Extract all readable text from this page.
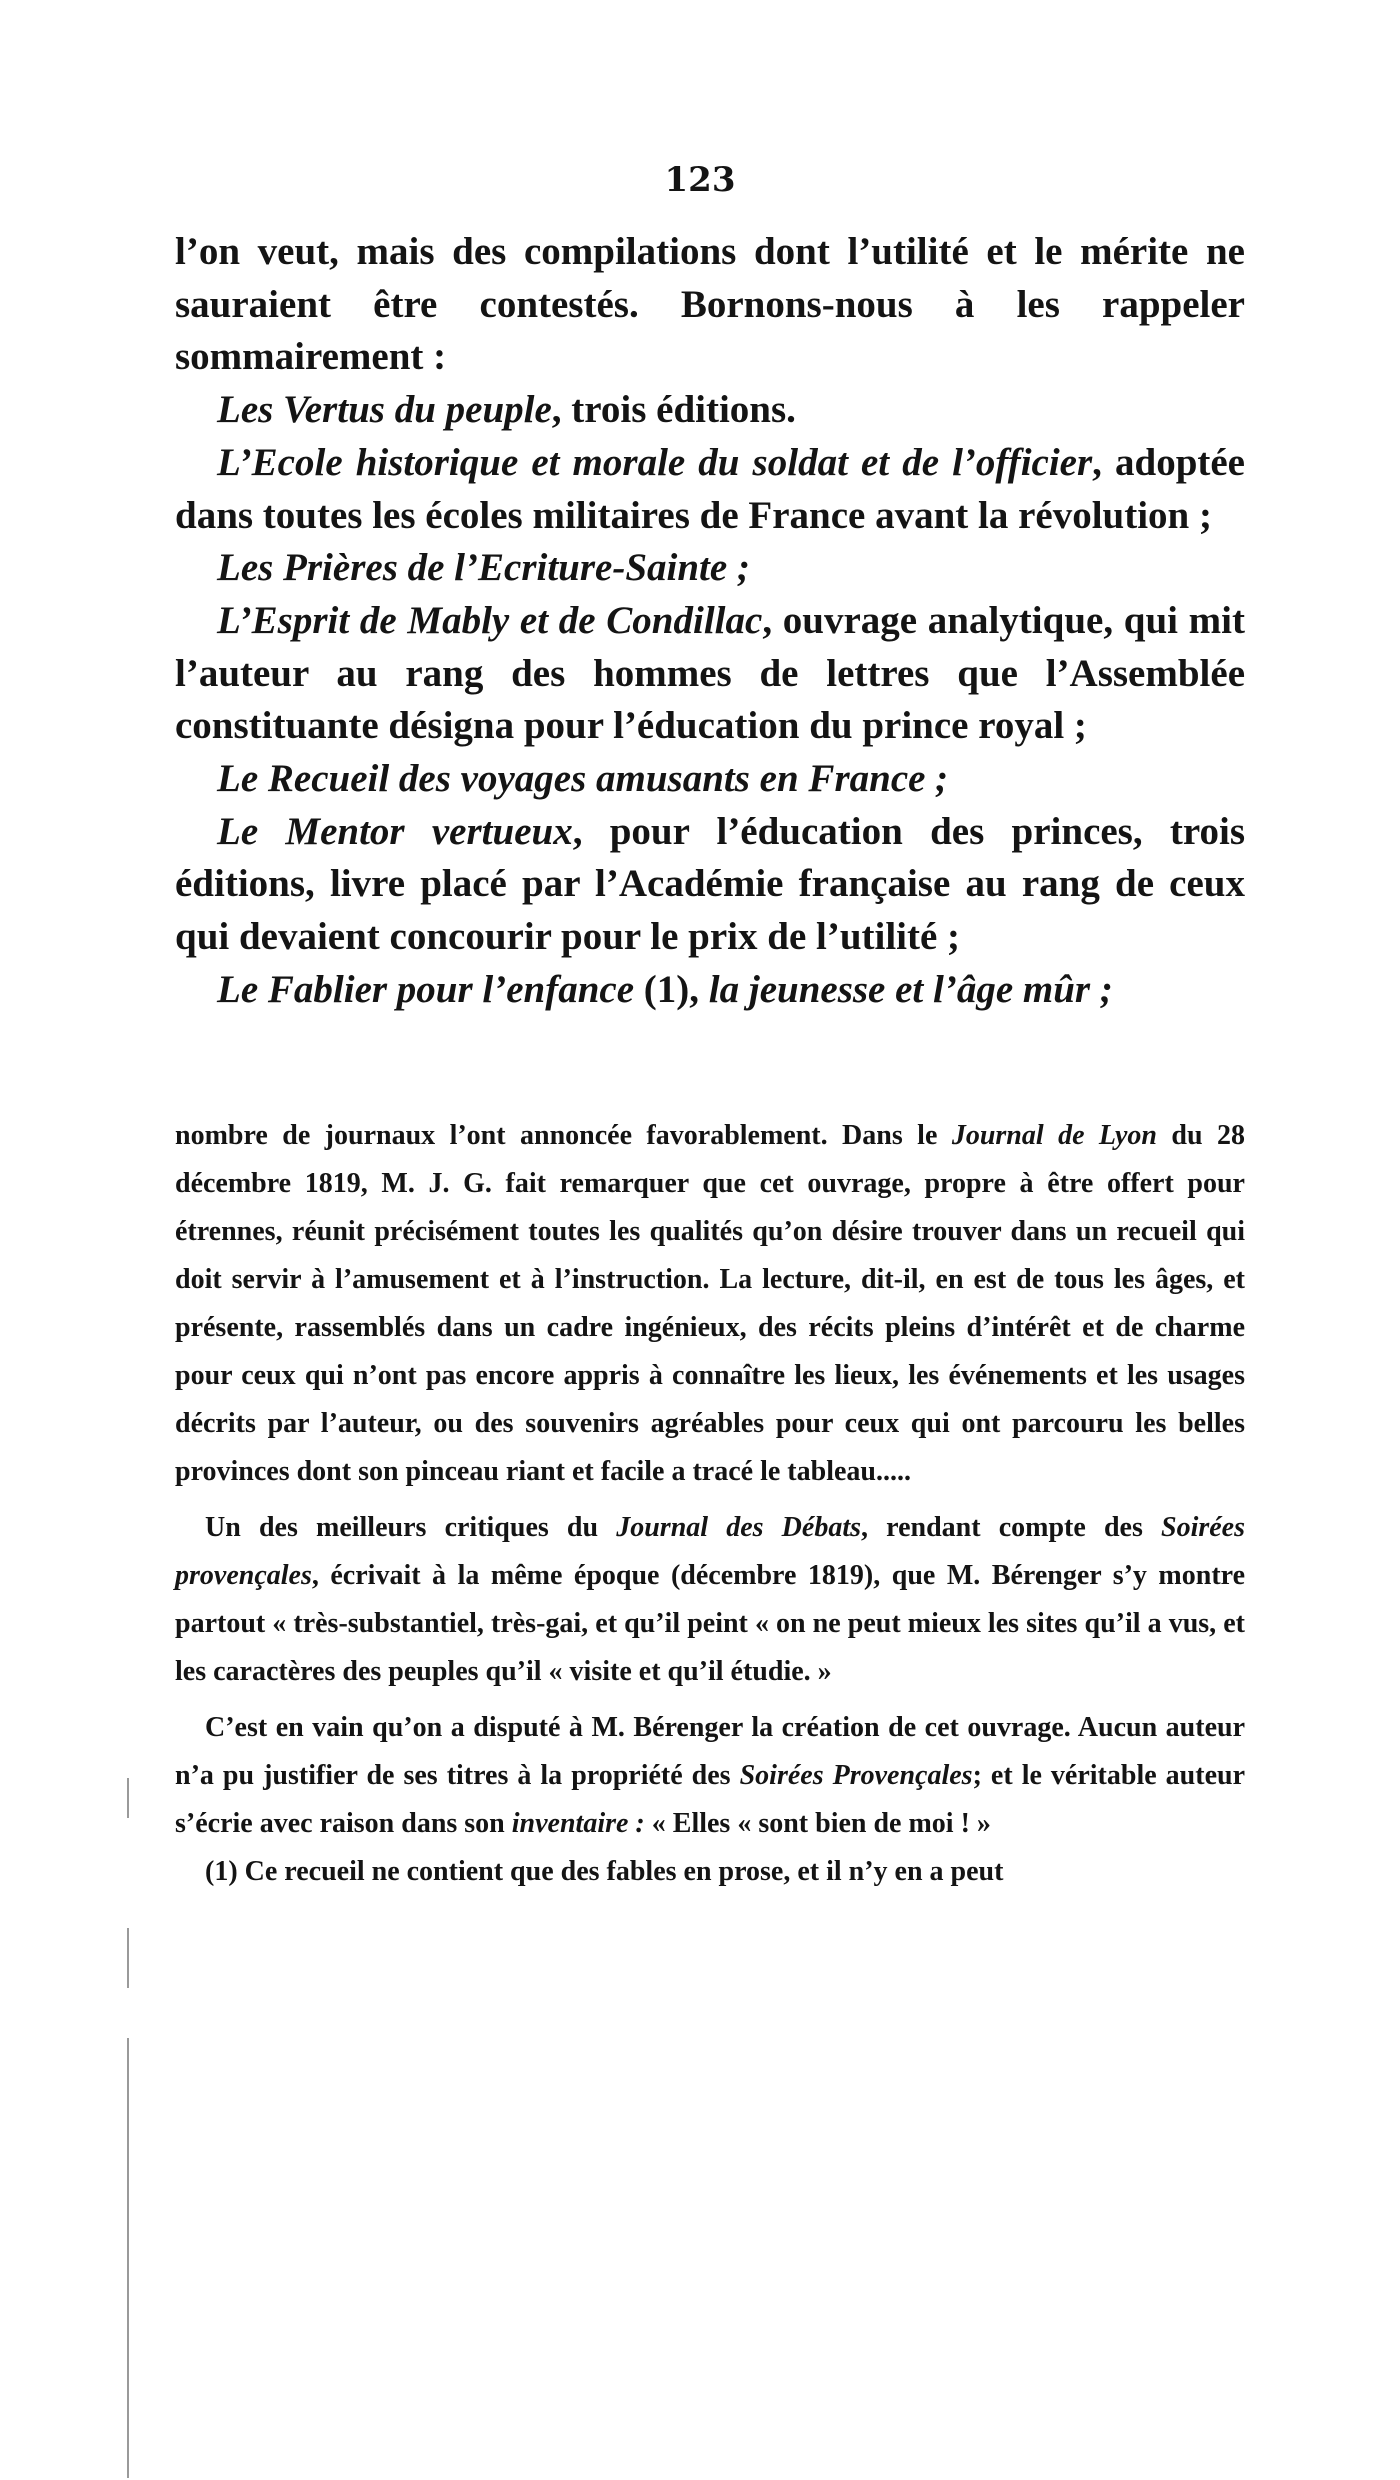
123

l’on veut, mais des compilations dont l’utilité et le mérite ne sauraient être contestés. Bornons-nous à les rappeler sommairement :

Les Vertus du peuple, trois éditions.

L’Ecole historique et morale du soldat et de l’officier, adoptée dans toutes les écoles militaires de France avant la révolution ;

Les Prières de l’Ecriture-Sainte ;

L’Esprit de Mably et de Condillac, ouvrage analytique, qui mit l’auteur au rang des hommes de lettres que l’Assemblée constituante désigna pour l’éducation du prince royal ;

Le Recueil des voyages amusants en France ;

Le Mentor vertueux, pour l’éducation des princes, trois éditions, livre placé par l’Académie française au rang de ceux qui devaient concourir pour le prix de l’utilité ;

Le Fablier pour l’enfance (1), la jeunesse et l’âge mûr ;

nombre de journaux l’ont annoncée favorablement. Dans le Journal de Lyon du 28 décembre 1819, M. J. G. fait remarquer que cet ouvrage, propre à être offert pour étrennes, réunit précisément toutes les qualités qu’on désire trouver dans un recueil qui doit servir à l’amusement et à l’instruction. La lecture, dit-il, en est de tous les âges, et présente, rassemblés dans un cadre ingénieux, des récits pleins d’intérêt et de charme pour ceux qui n’ont pas encore appris à connaître les lieux, les événements et les usages décrits par l’auteur, ou des souvenirs agréables pour ceux qui ont parcouru les belles provinces dont son pinceau riant et facile a tracé le tableau.....

Un des meilleurs critiques du Journal des Débats, rendant compte des Soirées provençales, écrivait à la même époque (décembre 1819), que M. Bérenger s’y montre partout « très-substantiel, très-gai, et qu’il peint « on ne peut mieux les sites qu’il a vus, et les caractères des peuples qu’il « visite et qu’il étudie. »

C’est en vain qu’on a disputé à M. Bérenger la création de cet ouvrage. Aucun auteur n’a pu justifier de ses titres à la propriété des Soirées Provençales; et le véritable auteur s’écrie avec raison dans son inventaire : « Elles « sont bien de moi ! »

(1) Ce recueil ne contient que des fables en prose, et il n’y en a peut
